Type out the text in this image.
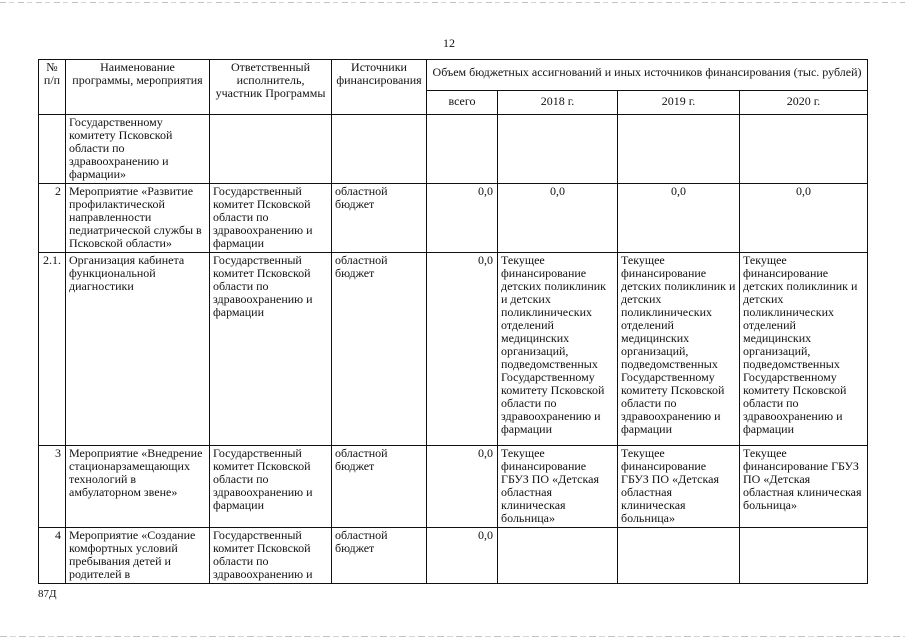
12
№ п/п	Наименование программы, мероприятия	Ответственный исполнитель, участник Программы	Источники финансирования	Объем бюджетных ассигнований и иных источников финансирования (тыс. рублей)			
				всего	2018 г.	2019 г.	2020 г.
	Государственному комитету Псковской области по здравоохранению и фармации»						
2	Мероприятие «Развитие профилактической направленности педиатрической службы в Псковской области»	Государственный комитет Псковской области по здравоохранению и фармации	областной бюджет	0,0	0,0	0,0	0,0
2.1.	Организация кабинета функциональной диагностики	Государственный комитет Псковской области по здравоохранению и фармации	областной бюджет	0,0	Текущее финансирование детских поликлиник и детских поликлинических отделений медицинских организаций, подведомственных Государственному комитету Псковской области по здравоохранению и фармации	Текущее финансирование детских поликлиник и детских поликлинических отделений медицинских организаций, подведомственных Государственному комитету Псковской области по здравоохранению и фармации	Текущее финансирование детских поликлиник и детских поликлинических отделений медицинских организаций, подведомственных Государственному комитету Псковской области по здравоохранению и фармации
3	Мероприятие «Внедрение стационарзамещающих технологий в амбулаторном звене»	Государственный комитет Псковской области по здравоохранению и фармации	областной бюджет	0,0	Текущее финансирование ГБУЗ ПО «Детская областная клиническая больница»	Текущее финансирование ГБУЗ ПО «Детская областная клиническая больница»	Текущее финансирование ГБУЗ ПО «Детская областная клиническая больница»
4	Мероприятие «Создание комфортных условий пребывания детей и родителей в	Государственный комитет Псковской области по здравоохранению и	областной бюджет	0,0			
87Д
